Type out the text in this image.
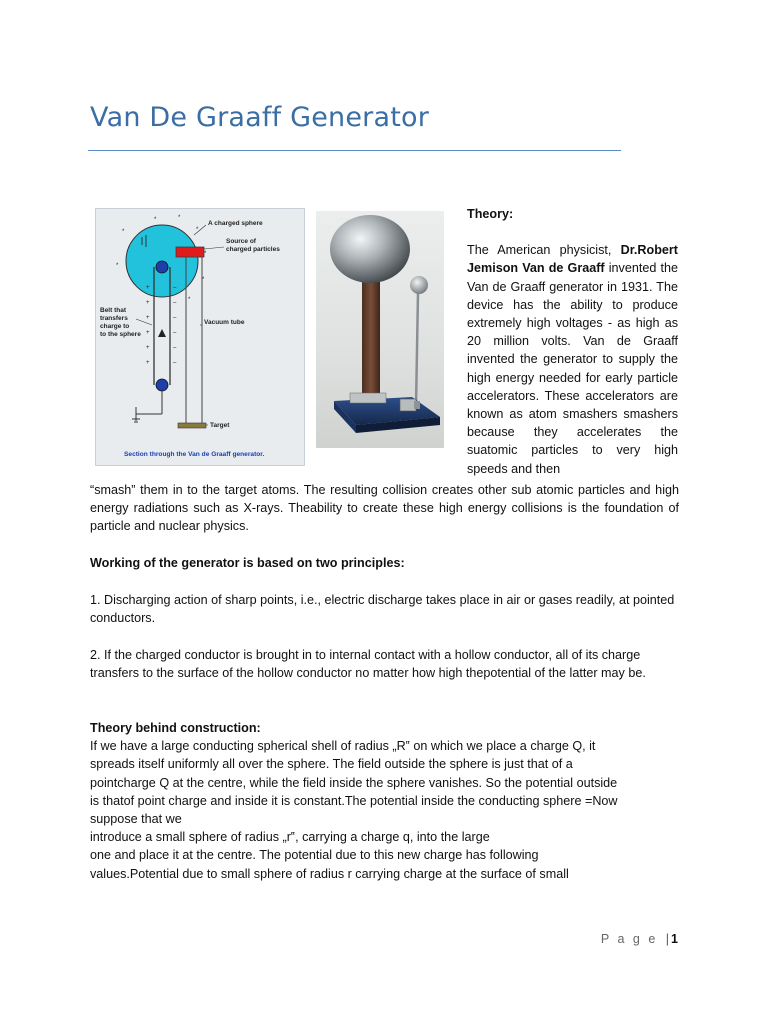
Van De Graaff Generator
*
*	*
*
*
*
*
*
+
+
+
+
+
+
–
–
–
–
–
–
A charged sphere
Source of
charged particles
Belt that
transfers
charge to
to the sphere
Vacuum tube
Target
Section through the Van de Graaff generator.

Theory:

The American physicist, Dr.Robert Jemison Van de Graaff invented the Van de Graaff generator in 1931. The device has the ability to produce extremely high voltages - as high as 20 million volts. Van de Graaff invented the generator to supply the high energy needed for early particle accelerators. These accelerators are known as atom smashers smashers because they accelerates the suatomic particles to very high speeds and then

“smash” them in to the target atoms. The resulting collision creates other sub atomic particles and high energy radiations such as X-rays. Theability to create these high energy collisions is the foundation of particle and nuclear physics.

Working of the generator is based on two principles:

1. Discharging action of sharp points, i.e., electric discharge takes place in air or gases readily, at pointed conductors.

2. If the charged conductor is brought in to internal contact with a hollow conductor, all of its charge transfers to the surface of the hollow conductor no matter how high thepotential of the latter may be.

Theory behind construction:

If we have a large conducting spherical shell of radius „R‟ on which we place a charge Q, it

spreads itself uniformly all over the sphere. The field outside the sphere is just that of a

pointcharge Q at the centre, while the field inside the sphere vanishes. So the potential outside

is thatof point charge and inside it is constant.The potential inside the conducting sphere =Now

suppose that we

introduce a small sphere of radius „r‟, carrying a charge q, into the large

one and place it at the centre. The potential due to this new charge has following

values.Potential due to small sphere of radius r carrying charge at the surface of small

P a g e | 1
